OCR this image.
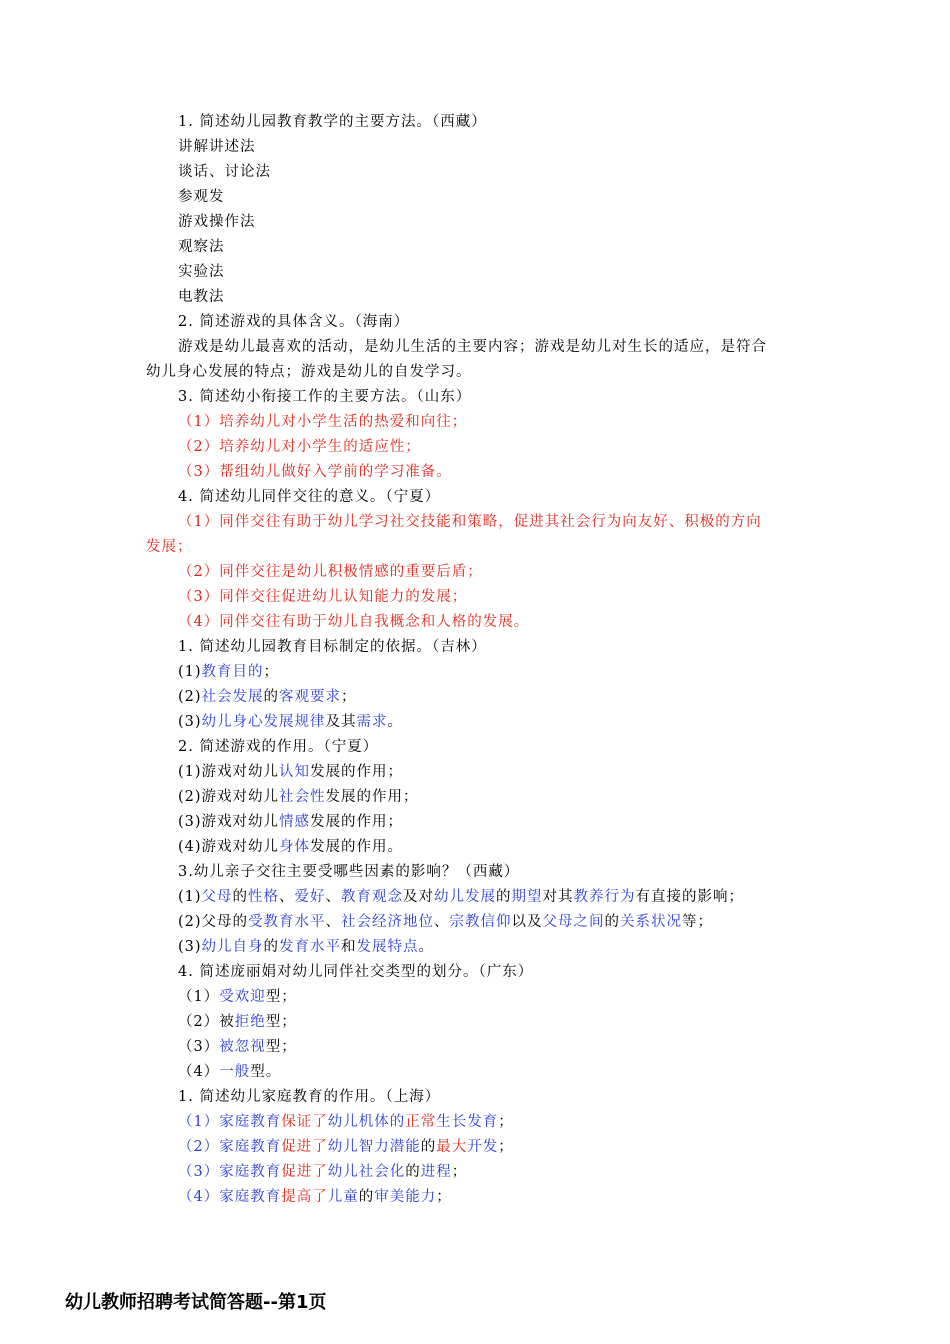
1. 简述幼儿园教育教学的主要方法。（西藏）
讲解讲述法
谈话、讨论法
参观发
游戏操作法
观察法
实验法
电教法
2. 简述游戏的具体含义。（海南）
游戏是幼儿最喜欢的活动，是幼儿生活的主要内容；游戏是幼儿对生长的适应，是符合
幼儿身心发展的特点；游戏是幼儿的自发学习。
3. 简述幼小衔接工作的主要方法。（山东）
（1）培养幼儿对小学生活的热爱和向往；
（2）培养幼儿对小学生的适应性；
（3）帮组幼儿做好入学前的学习准备。
4. 简述幼儿同伴交往的意义。（宁夏）
（1）同伴交往有助于幼儿学习社交技能和策略，促进其社会行为向友好、积极的方向
发展；
（2）同伴交往是幼儿积极情感的重要后盾；
（3）同伴交往促进幼儿认知能力的发展；
（4）同伴交往有助于幼儿自我概念和人格的发展。
1. 简述幼儿园教育目标制定的依据。（吉林）
(1)教育目的；
(2)社会发展的客观要求；
(3)幼儿身心发展规律及其需求。
2. 简述游戏的作用。（宁夏）
(1)游戏对幼儿认知发展的作用；
(2)游戏对幼儿社会性发展的作用；
(3)游戏对幼儿情感发展的作用；
(4)游戏对幼儿身体发展的作用。
3.幼儿亲子交往主要受哪些因素的影响？（西藏）
(1)父母的性格、爱好、教育观念及对幼儿发展的期望对其教养行为有直接的影响；
(2)父母的受教育水平、社会经济地位、宗教信仰以及父母之间的关系状况等；
(3)幼儿自身的发育水平和发展特点。
4. 简述庞丽娟对幼儿同伴社交类型的划分。（广东）
（1）受欢迎型；
（2）被拒绝型；
（3）被忽视型；
（4）一般型。
1. 简述幼儿家庭教育的作用。（上海）
（1）家庭教育保证了幼儿机体的正常生长发育；
（2）家庭教育促进了幼儿智力潜能的最大开发；
（3）家庭教育促进了幼儿社会化的进程；
（4）家庭教育提高了儿童的审美能力；
幼儿教师招聘考试简答题--第1页
